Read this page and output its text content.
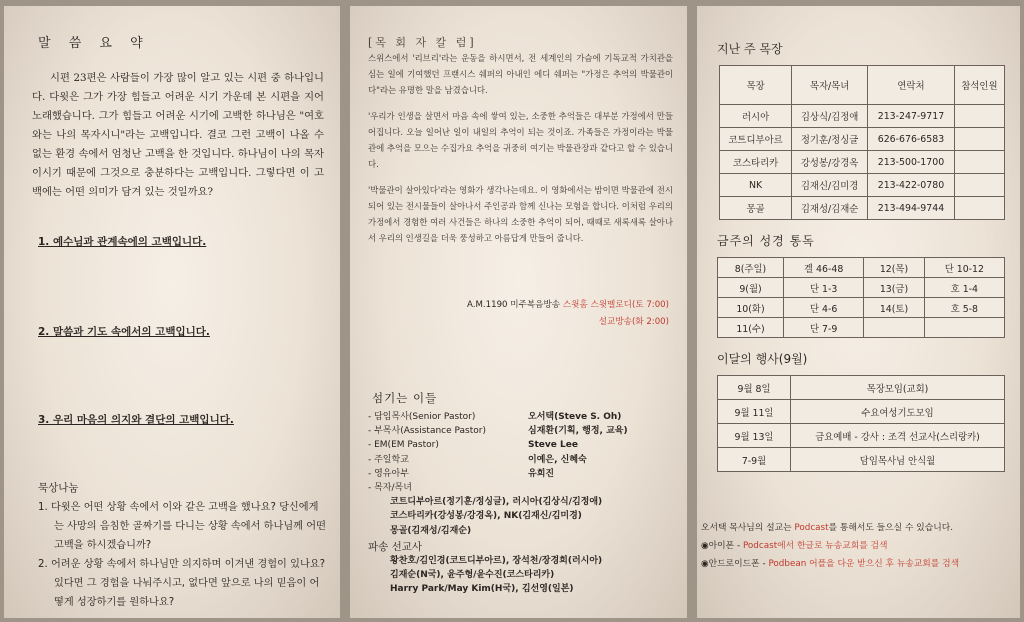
말 씀 요 약

시편 23편은 사람들이 가장 많이 알고 있는 시편 중 하나입니다. 다윗은 그가 가장 힘들고 어려운 시기 가운데 본 시편을 지어 노래했습니다. 그가 힘들고 어려운 시기에 고백한 하나님은 "여호와는 나의 목자시니"라는 고백입니다. 결코 그런 고백이 나올 수 없는 환경 속에서 엄청난 고백을 한 것입니다. 하나님이 나의 목자이시기 때문에 그것으로 충분하다는 고백입니다. 그렇다면 이 고백에는 어떤 의미가 담겨 있는 것일까요?

1. 예수님과 관계속에의 고백입니다.
2. 말씀과 기도 속에서의 고백입니다.
3. 우리 마음의 의지와 결단의 고백입니다.
묵상나눔
1. 다윗은 어떤 상황 속에서 이와 같은 고백을 했나요? 당신에게는 사망의 음침한 골짜기를 다니는 상황 속에서 하나님께 어떤 고백을 하시겠습니까?
2. 어려운 상황 속에서 하나님만 의지하며 이겨낸 경험이 있나요? 있다면 그 경험을 나눠주시고, 없다면 앞으로 나의 믿음이 어떻게 성장하기를 원하나요?
[목 회 자 칼 럼]

스위스에서 '리브리'라는 운동을 하시면서, 전 세계인의 가슴에 기독교적 가치관을 심는 일에 기여했던 프랜시스 쉐퍼의 아내인 에디 쉐퍼는 "가정은 추억의 박물관이다"라는 유명한 말을 남겼습니다.

'우리가 인생을 살면서 마음 속에 쌓여 있는, 소중한 추억들은 대부분 가정에서 만들어집니다. 오늘 일어난 일이 내일의 추억이 되는 것이죠. 가족들은 가정이라는 박물관에 추억을 모으는 수집가요 추억을 귀중히 여기는 박물관장과 같다고 할 수 있습니다.

'박물관이 살아있다'라는 영화가 생각나는데요. 이 영화에서는 밤이면 박물관에 전시되어 있는 전시물들이 살아나서 주인공과 함께 신나는 모험을 합니다. 이처럼 우리의 가정에서 경험한 여러 사건들은 하나의 소중한 추억이 되어, 때때로 새록새록 살아나서 우리의 인생길을 더욱 풍성하고 아름답게 만들어 줍니다.

A.M.1190 미주복음방송 스윗홈 스윗멜로디(토 7:00)
설교방송(화 2:00)
섬기는 이들
- 담임목사(Senior Pastor)	오서택(Steve S. Oh)
- 부목사(Assistance Pastor)	심재환(기획, 행정, 교육)
- EM(EM Pastor)	Steve Lee
- 주일학교	이예은, 신혜숙
- 영유아부	유희진
- 목자/목녀
코트디부아르(정기훈/정싱글), 러시아(김상식/김정애)
코스타리카(강성봉/강경옥), NK(김재신/김미경)
몽골(김재성/김재순)
파송 선교사
황찬호/김인경(코트디부아르), 장석천/장경희(러시아)
김재순(N국), 윤주형/윤수진(코스타리카)
Harry Park/May Kim(H국), 김선영(일본)
지난 주 목장
목장	목자/목녀	연락처	참석인원
러시아	김상식/김정애	213-247-9717	
코트디부아르	정기훈/정싱글	626-676-6583	
코스타리카	강성봉/강경옥	213-500-1700	
NK	김재신/김미경	213-422-0780	
몽골	김재성/김재순	213-494-9744	
금주의 성경 통독
8(주일)	겔 46-48	12(목)	단 10-12
9(월)	단 1-3	13(금)	호 1-4
10(화)	단 4-6	14(토)	호 5-8
11(수)	단 7-9		
이달의 행사(9월)
9월 8일	목장모임(교회)
9월 11일	수요여성기도모임
9월 13일	금요예배 - 강사 : 조격 선교사(스리랑카)
7-9월	담임목사님 안식월
오서택 목사님의 설교는 Podcast를 통해서도 들으실 수 있습니다.
◉아이폰 - Podcast에서 한글로 뉴송교회를 검색
◉안드로이드폰 - Podbean 어플을 다운 받으신 후 뉴송교회를 검색
